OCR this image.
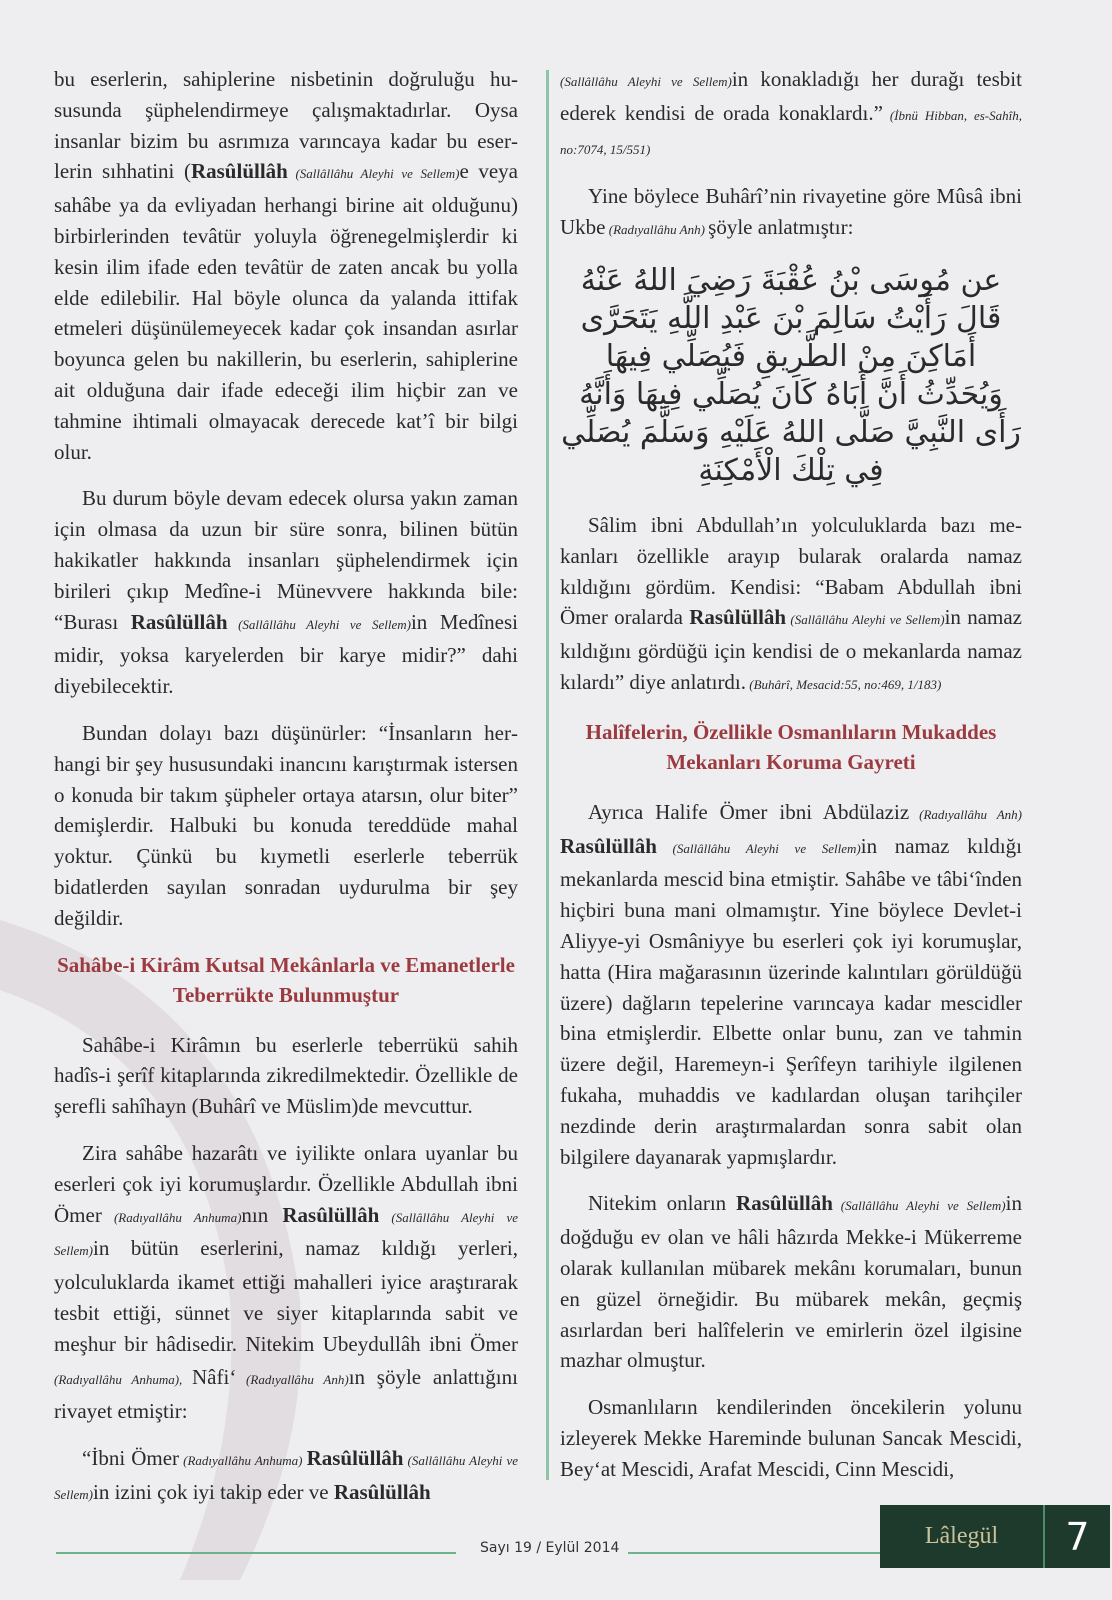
bu eserlerin, sahiplerine nisbetinin doğruluğu hususunda şüphelendirmeye çalışmaktadırlar. Oysa insanlar bizim bu asrımıza varıncaya kadar bu eserlerin sıhhatini (Rasûlüllâh (Sallâllâhu Aleyhi ve Sellem)e veya sahâbe ya da evliyadan herhangi birine ait olduğunu) birbirlerinden tevâtür yoluyla öğrenegelmişlerdir ki kesin ilim ifade eden tevâtür de zaten ancak bu yolla elde edilebilir. Hal böyle olunca da yalanda ittifak etmeleri düşünülemeyecek kadar çok insandan asırlar boyunca gelen bu nakillerin, bu eserlerin, sahiplerine ait olduğuna dair ifade edeceği ilim hiçbir zan ve tahmine ihtimali olmayacak derecede kat’î bir bilgi olur.

Bu durum böyle devam edecek olursa yakın zaman için olmasa da uzun bir süre sonra, bilinen bütün hakikatler hakkında insanları şüphelendirmek için birileri çıkıp Medîne-i Münevvere hakkında bile: “Burası Rasûlüllâh (Sallâllâhu Aleyhi ve Sellem)in Medînesi midir, yoksa karyelerden bir karye midir?” dahi diyebilecektir.

Bundan dolayı bazı düşünürler: “İnsanların herhangi bir şey hususundaki inancını karıştırmak istersen o konuda bir takım şüpheler ortaya atarsın, olur biter” demişlerdir. Halbuki bu konuda tereddüde mahal yoktur. Çünkü bu kıymetli eserlerle teberrük bidatlerden sayılan sonradan uydurulma bir şey değildir.

Sahâbe-i Kirâm Kutsal Mekânlarla ve Emanetlerle Teberrükte Bulunmuştur

Sahâbe-i Kirâmın bu eserlerle teberrükü sahih hadîs-i şerîf kitaplarında zikredilmektedir. Özellikle de şerefli sahîhayn (Buhârî ve Müslim)de mevcuttur.

Zira sahâbe hazarâtı ve iyilikte onlara uyanlar bu eserleri çok iyi korumuşlardır. Özellikle Abdullah ibni Ömer (Radıyallâhu Anhuma)nın Rasûlüllâh (Sallâllâhu Aleyhi ve Sellem)in bütün eserlerini, namaz kıldığı yerleri, yolculuklarda ikamet ettiği mahalleri iyice araştırarak tesbit ettiği, sünnet ve siyer kitaplarında sabit ve meşhur bir hâdisedir. Nitekim Ubeydullâh ibni Ömer (Radıyallâhu Anhuma), Nâfi‘ (Radıyallâhu Anh)ın şöyle anlattığını rivayet etmiştir:

“İbni Ömer (Radıyallâhu Anhuma) Rasûlüllâh (Sallâllâhu Aleyhi ve Sellem)in izini çok iyi takip eder ve Rasûlüllâh

(Sallâllâhu Aleyhi ve Sellem)in konakladığı her durağı tesbit ederek kendisi de orada konaklardı.” (İbnü Hibban, es-Sahîh, no:7074, 15/551)

Yine böylece Buhârî’nin rivayetine göre Mûsâ ibni Ukbe (Radıyallâhu Anh) şöyle anlatmıştır:

عن مُوسَى بْنُ عُقْبَةَ رَضِيَ اللهُ عَنْهُ قَالَ رَأَيْتُ سَالِمَ بْنَ عَبْدِ اللَّهِ يَتَحَرَّى أَمَاكِنَ مِنْ الطَّرِيقِ فَيُصَلِّي فِيهَا وَيُحَدِّثُ أَنَّ أَبَاهُ كَانَ يُصَلِّي فِيهَا وَأَنَّهُ رَأَى النَّبِيَّ صَلَّى اللهُ عَلَيْهِ وَسَلَّمَ يُصَلِّي فِي تِلْكَ الْأَمْكِنَةِ

Sâlim ibni Abdullah’ın yolculuklarda bazı mekanları özellikle arayıp bularak oralarda namaz kıldığını gördüm. Kendisi: “Babam Abdullah ibni Ömer oralarda Rasûlüllâh (Sallâllâhu Aleyhi ve Sellem)in namaz kıldığını gördüğü için kendisi de o mekanlarda namaz kılardı” diye anlatırdı. (Buhârî, Mesacid:55, no:469, 1/183)

Halîfelerin, Özellikle Osmanlıların Mukaddes Mekanları Koruma Gayreti

Ayrıca Halife Ömer ibni Abdülaziz (Radıyallâhu Anh) Rasûlüllâh (Sallâllâhu Aleyhi ve Sellem)in namaz kıldığı mekanlarda mescid bina etmiştir. Sahâbe ve tâbi‘înden hiçbiri buna mani olmamıştır. Yine böylece Devlet-i Aliyye-yi Osmâniyye bu eserleri çok iyi korumuşlar, hatta (Hira mağarasının üzerinde kalıntıları görüldüğü üzere) dağların tepelerine varıncaya kadar mescidler bina etmişlerdir. Elbette onlar bunu, zan ve tahmin üzere değil, Haremeyn-i Şerîfeyn tarihiyle ilgilenen fukaha, muhaddis ve kadılardan oluşan tarihçiler nezdinde derin araştırmalardan sonra sabit olan bilgilere dayanarak yapmışlardır.

Nitekim onların Rasûlüllâh (Sallâllâhu Aleyhi ve Sellem)in doğduğu ev olan ve hâli hâzırda Mekke-i Mükerreme olarak kullanılan mübarek mekânı korumaları, bunun en güzel örneğidir. Bu mübarek mekân, geçmiş asırlardan beri halîfelerin ve emirlerin özel ilgisine mazhar olmuştur.

Osmanlıların kendilerinden öncekilerin yolunu izleyerek Mekke Hareminde bulunan Sancak Mescidi, Bey‘at Mescidi, Arafat Mescidi, Cinn Mescidi,

Sayı 19 / Eylül 2014	Lâlegül	7
